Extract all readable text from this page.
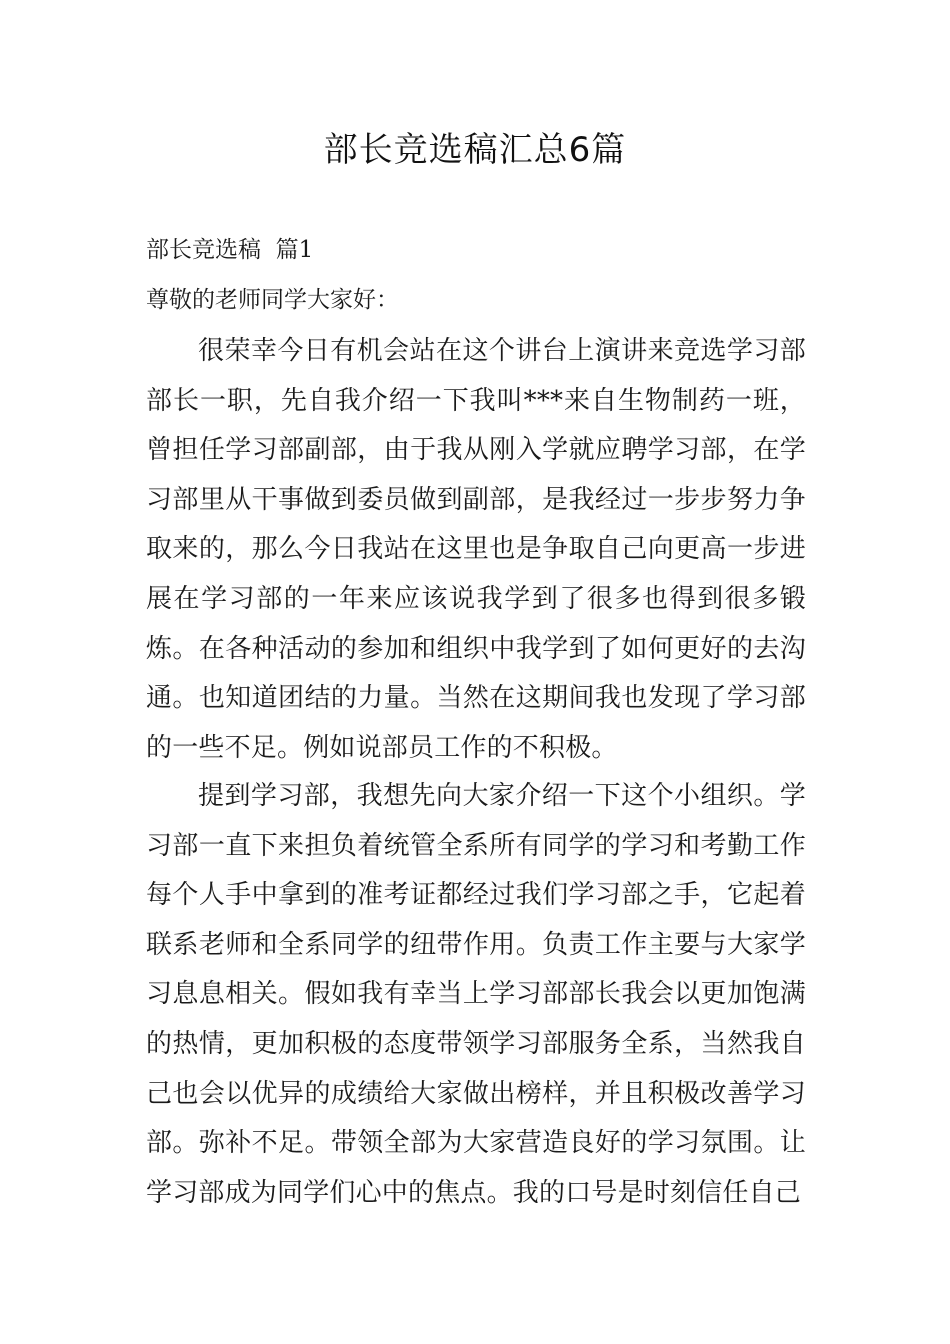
部长竞选稿汇总6篇
部长竞选稿  篇1
尊敬的老师同学大家好：

很荣幸今日有机会站在这个讲台上演讲来竞选学习部部长一职，先自我介绍一下我叫***来自生物制药一班，曾担任学习部副部，由于我从刚入学就应聘学习部，在学习部里从干事做到委员做到副部，是我经过一步步努力争取来的，那么今日我站在这里也是争取自己向更高一步进展在学习部的一年来应该说我学到了很多也得到很多锻炼。在各种活动的参加和组织中我学到了如何更好的去沟通。也知道团结的力量。当然在这期间我也发现了学习部的一些不足。例如说部员工作的不积极。

提到学习部，我想先向大家介绍一下这个小组织。学习部一直下来担负着统管全系所有同学的学习和考勤工作每个人手中拿到的准考证都经过我们学习部之手，它起着联系老师和全系同学的纽带作用。负责工作主要与大家学习息息相关。假如我有幸当上学习部部长我会以更加饱满的热情，更加积极的态度带领学习部服务全系，当然我自己也会以优异的成绩给大家做出榜样，并且积极改善学习部。弥补不足。带领全部为大家营造良好的学习氛围。让学习部成为同学们心中的焦点。我的口号是时刻信任自己
